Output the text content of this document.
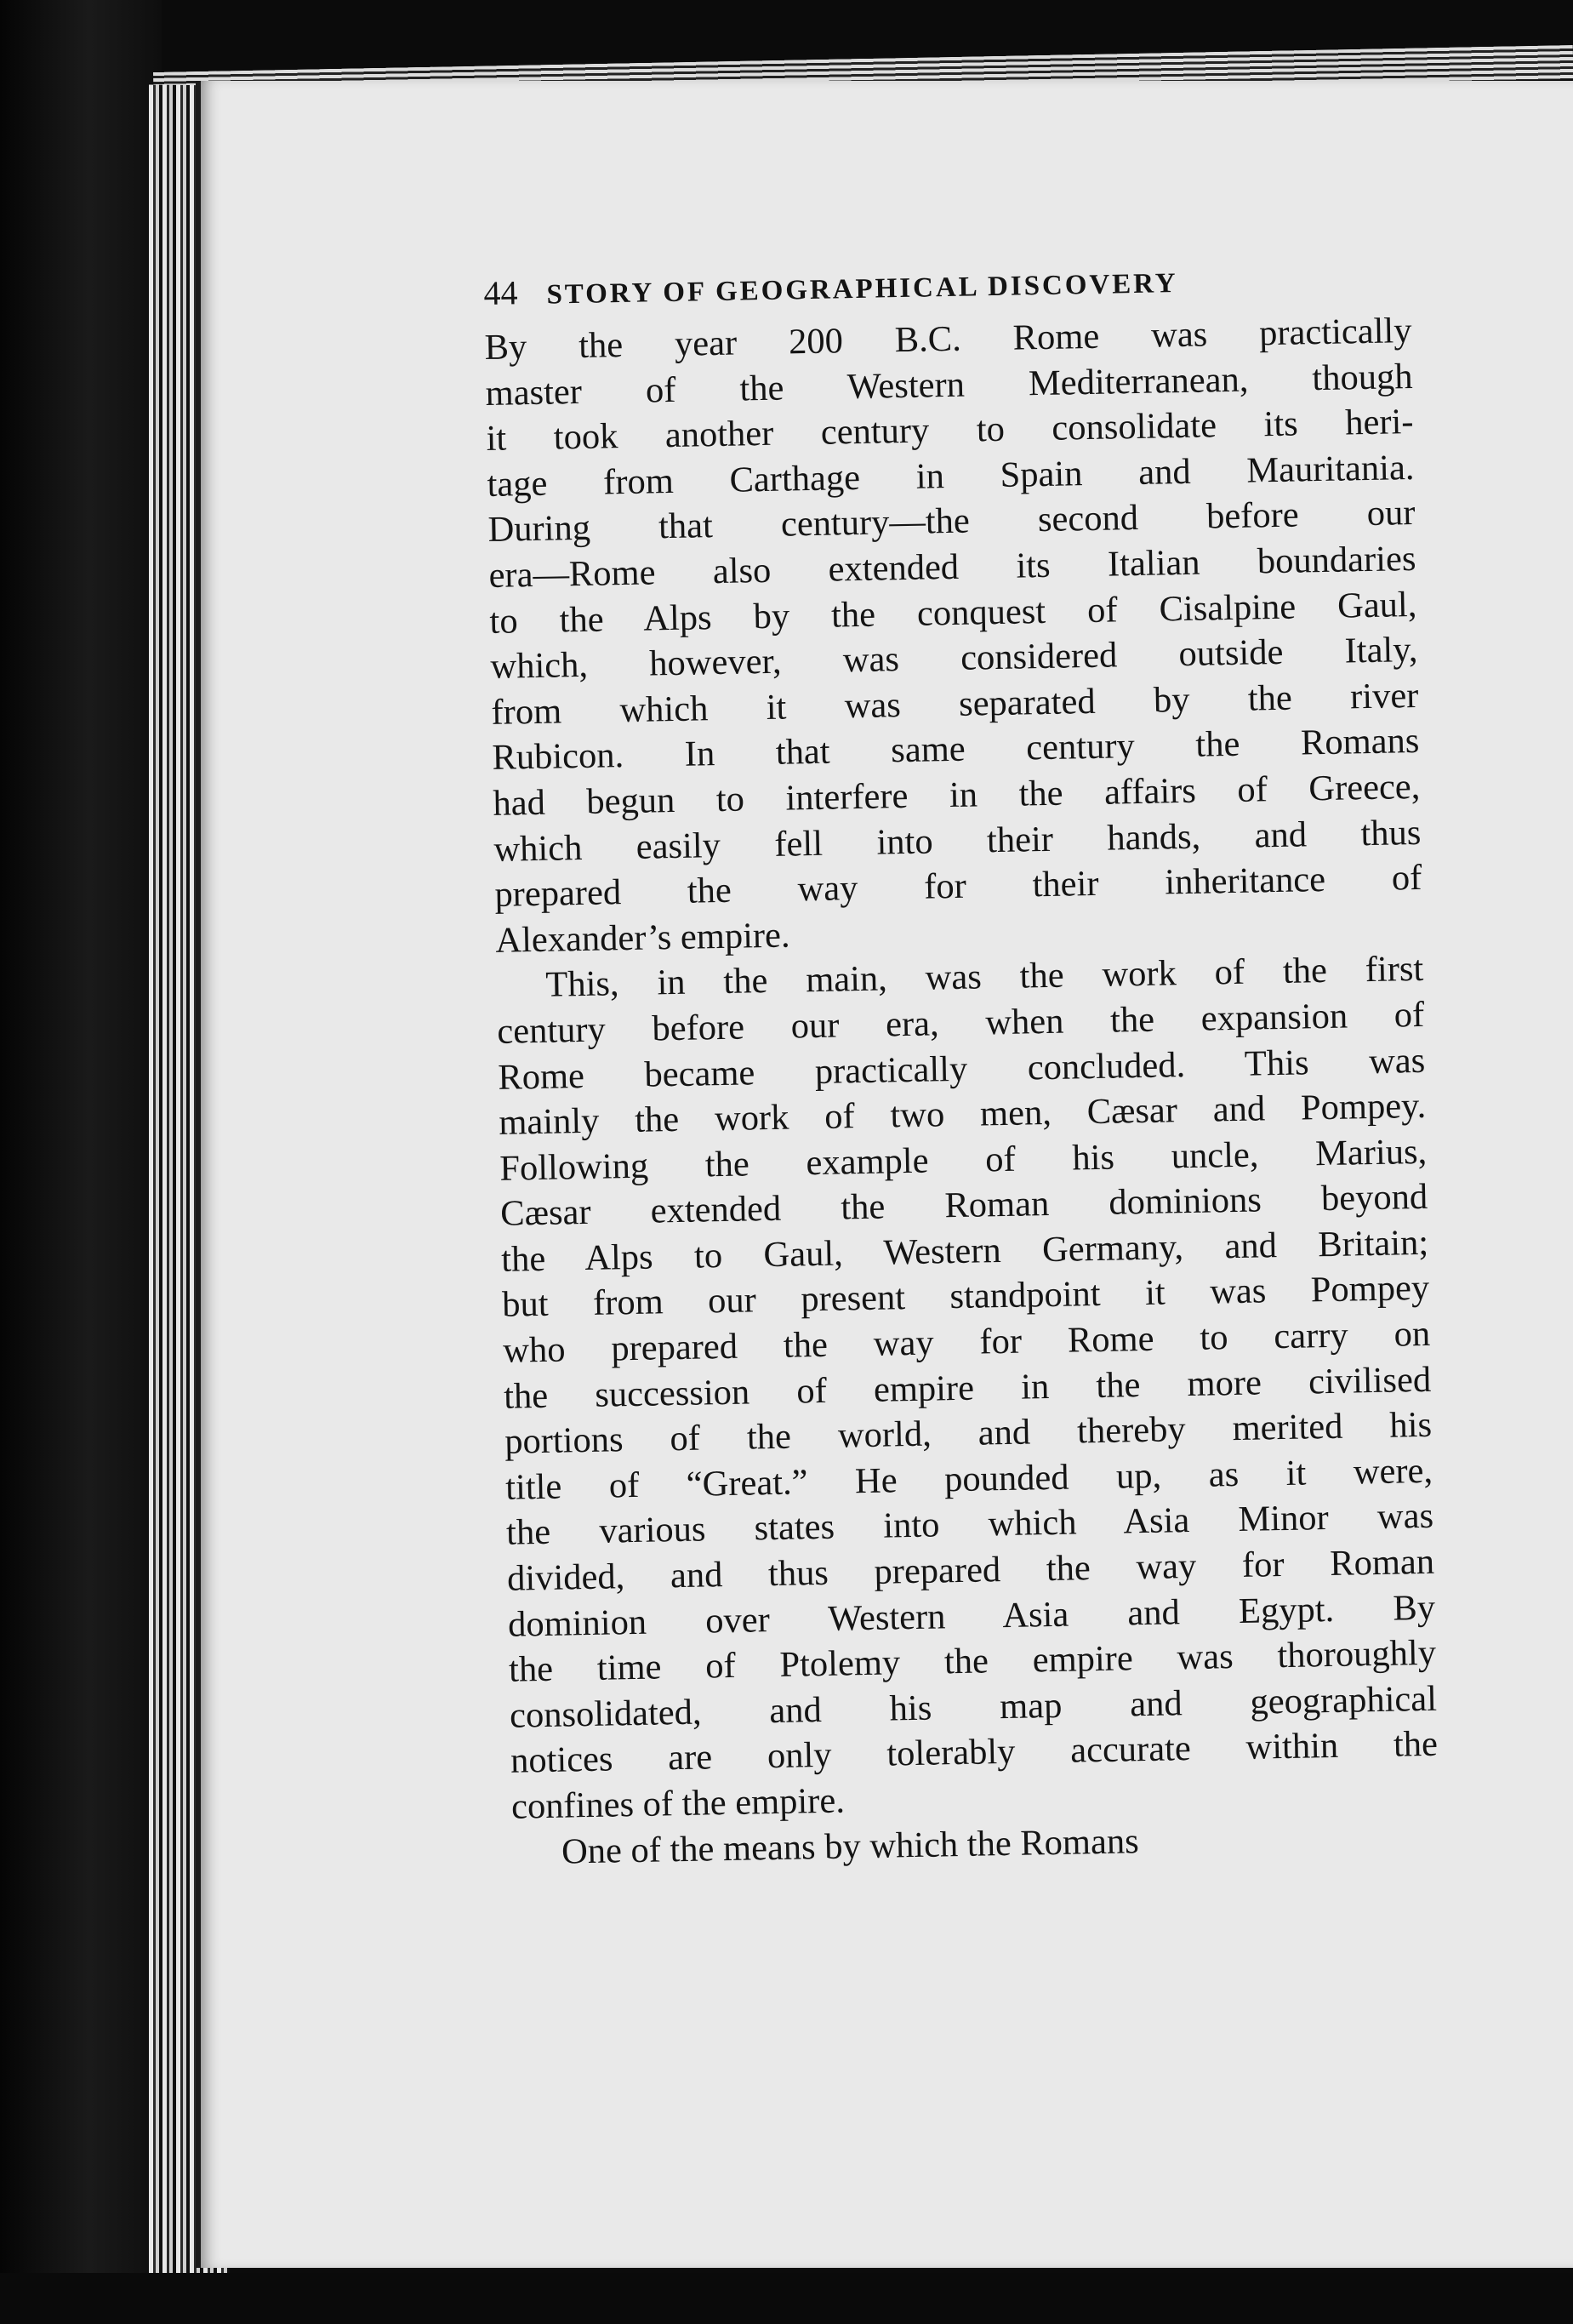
44 STORY OF GEOGRAPHICAL DISCOVERY
By the year 200 B.C. Rome was practically
master of the Western Mediterranean, though
it took another century to consolidate its heri-
tage from Carthage in Spain and Mauritania.
During that century—the second before our
era—Rome also extended its Italian boundaries
to the Alps by the conquest of Cisalpine Gaul,
which, however, was considered outside Italy,
from which it was separated by the river
Rubicon. In that same century the Romans
had begun to interfere in the affairs of Greece,
which easily fell into their hands, and thus
prepared the way for their inheritance of
Alexander’s empire.
This, in the main, was the work of the first
century before our era, when the expansion of
Rome became practically concluded. This was
mainly the work of two men, Cæsar and Pompey.
Following the example of his uncle, Marius,
Cæsar extended the Roman dominions beyond
the Alps to Gaul, Western Germany, and Britain;
but from our present standpoint it was Pompey
who prepared the way for Rome to carry on
the succession of empire in the more civilised
portions of the world, and thereby merited his
title of “Great.” He pounded up, as it were,
the various states into which Asia Minor was
divided, and thus prepared the way for Roman
dominion over Western Asia and Egypt. By
the time of Ptolemy the empire was thoroughly
consolidated, and his map and geographical
notices are only tolerably accurate within the
confines of the empire.
One of the means by which the Romans
